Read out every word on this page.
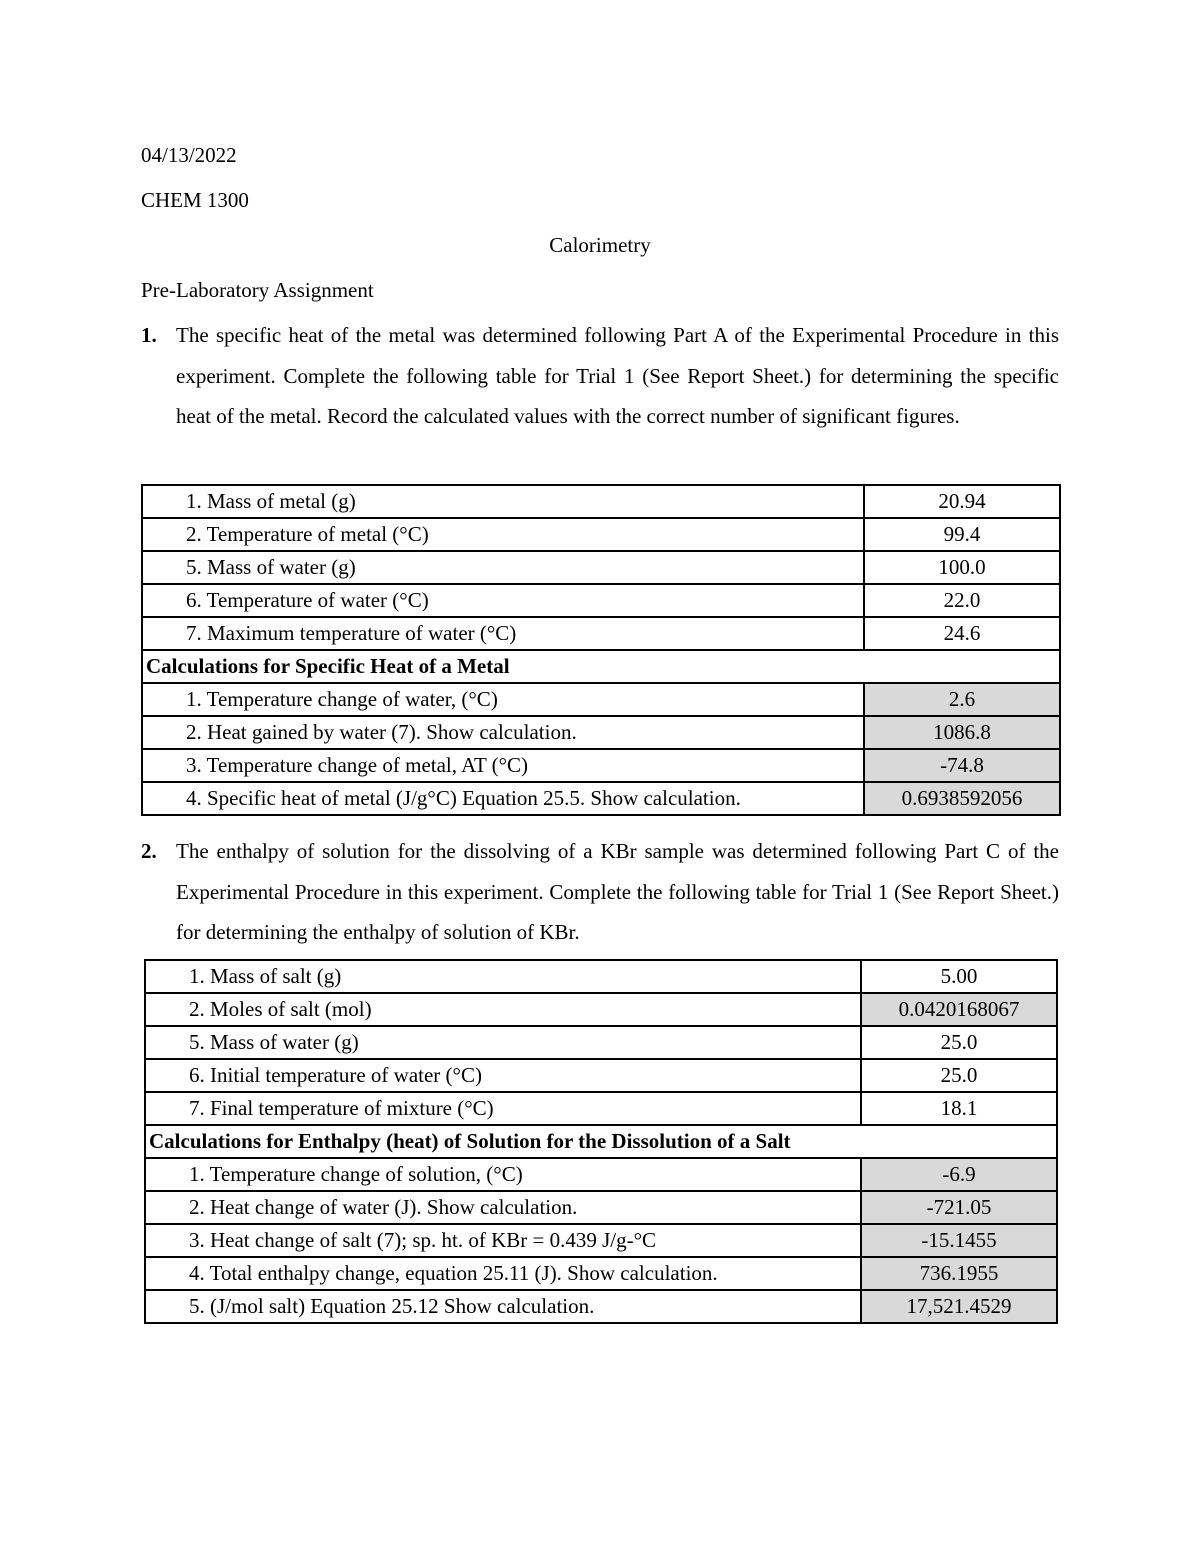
04/13/2022
CHEM 1300
Calorimetry
Pre-Laboratory Assignment
1. The specific heat of the metal was determined following Part A of the Experimental Procedure in this experiment. Complete the following table for Trial 1 (See Report Sheet.) for determining the specific heat of the metal. Record the calculated values with the correct number of significant figures.
1. Mass of metal (g)	20.94
2. Temperature of metal (°C)	99.4
5. Mass of water (g)	100.0
6. Temperature of water (°C)	22.0
7. Maximum temperature of water (°C)	24.6
Calculations for Specific Heat of a Metal	
1. Temperature change of water, (°C)	2.6
2. Heat gained by water (7). Show calculation.	1086.8
3. Temperature change of metal, AT (°C)	-74.8
4. Specific heat of metal (J/g°C) Equation 25.5. Show calculation.	0.6938592056
2. The enthalpy of solution for the dissolving of a KBr sample was determined following Part C of the Experimental Procedure in this experiment. Complete the following table for Trial 1 (See Report Sheet.) for determining the enthalpy of solution of KBr.
1. Mass of salt (g)	5.00
2. Moles of salt (mol)	0.0420168067
5. Mass of water (g)	25.0
6. Initial temperature of water (°C)	25.0
7. Final temperature of mixture (°C)	18.1
Calculations for Enthalpy (heat) of Solution for the Dissolution of a Salt	
1. Temperature change of solution, (°C)	-6.9
2. Heat change of water (J). Show calculation.	-721.05
3. Heat change of salt (7); sp. ht. of KBr = 0.439 J/g-°C	-15.1455
4. Total enthalpy change, equation 25.11 (J). Show calculation.	736.1955
5. (J/mol salt) Equation 25.12 Show calculation.	17,521.4529
